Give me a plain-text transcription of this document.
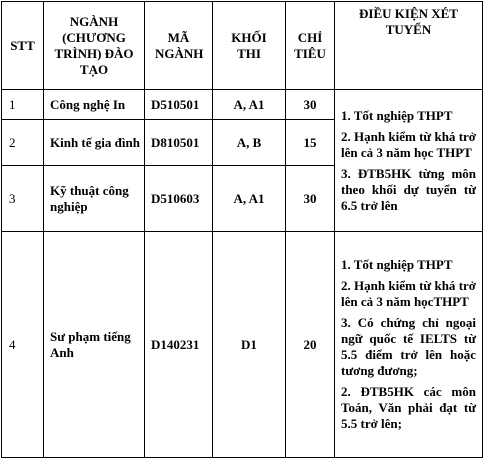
STT	NGÀNH (CHƯƠNG TRÌNH) ĐÀO TẠO	MÃ NGÀNH	KHỐI THI	CHỈ TIÊU	ĐIỀU KIỆN XÉT TUYỂN
1	Công nghệ In	D510501	A, A1	30	1. Tốt nghiệp THPT

2. Hạnh kiểm từ khá trở lên cả 3 năm học THPT

3. ĐTB5HK từng môn theo khối dự tuyển từ 6.5 trở lên

2	Kinh tế gia đình	D810501	A, B	15	
3	Kỹ thuật công nghiệp	D510603	A, A1	30	
4	Sư phạm tiếng Anh	D140231	D1	20	1. Tốt nghiệp THPT

2. Hạnh kiểm từ khá trở lên cả 3 năm họcTHPT

3. Có chứng chỉ ngoại ngữ quốc tế IELTS từ 5.5 điểm trở lên hoặc tương đương;

2. ĐTB5HK các môn Toán, Văn phải đạt từ 5.5 trở lên;
